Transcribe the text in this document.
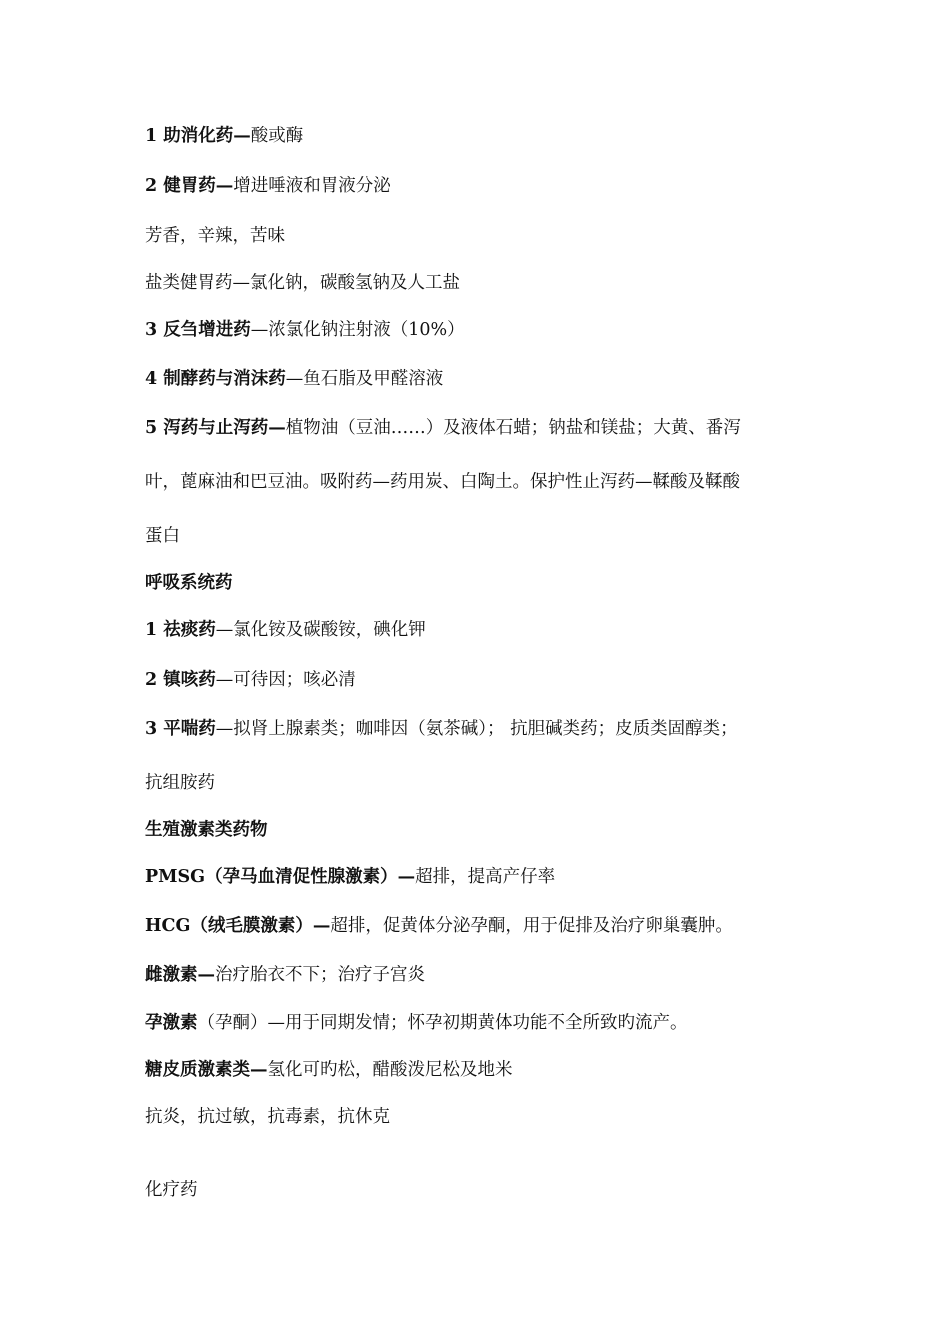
1 助消化药—酸或酶
2 健胃药—增进唾液和胃液分泌
芳香，辛辣，苦味
盐类健胃药—氯化钠，碳酸氢钠及人工盐
3 反刍增进药—浓氯化钠注射液（10%）
4 制酵药与消沫药—鱼石脂及甲醛溶液
5 泻药与止泻药—植物油（豆油……）及液体石蜡；钠盐和镁盐；大黄、番泻
叶，蓖麻油和巴豆油。吸附药—药用炭、白陶土。保护性止泻药—鞣酸及鞣酸
蛋白
呼吸系统药
1 祛痰药—氯化铵及碳酸铵，碘化钾
2 镇咳药—可待因；咳必清
3 平喘药—拟肾上腺素类；咖啡因（氨茶碱）； 抗胆碱类药；皮质类固醇类；
抗组胺药
生殖激素类药物
PMSG（孕马血清促性腺激素）—超排，提高产仔率
HCG（绒毛膜激素）—超排，促黄体分泌孕酮，用于促排及治疗卵巢囊肿。
雌激素—治疗胎衣不下；治疗子宫炎
孕激素（孕酮）—用于同期发情；怀孕初期黄体功能不全所致旳流产。
糖皮质激素类—氢化可旳松，醋酸泼尼松及地米
抗炎，抗过敏，抗毒素，抗休克
化疗药
